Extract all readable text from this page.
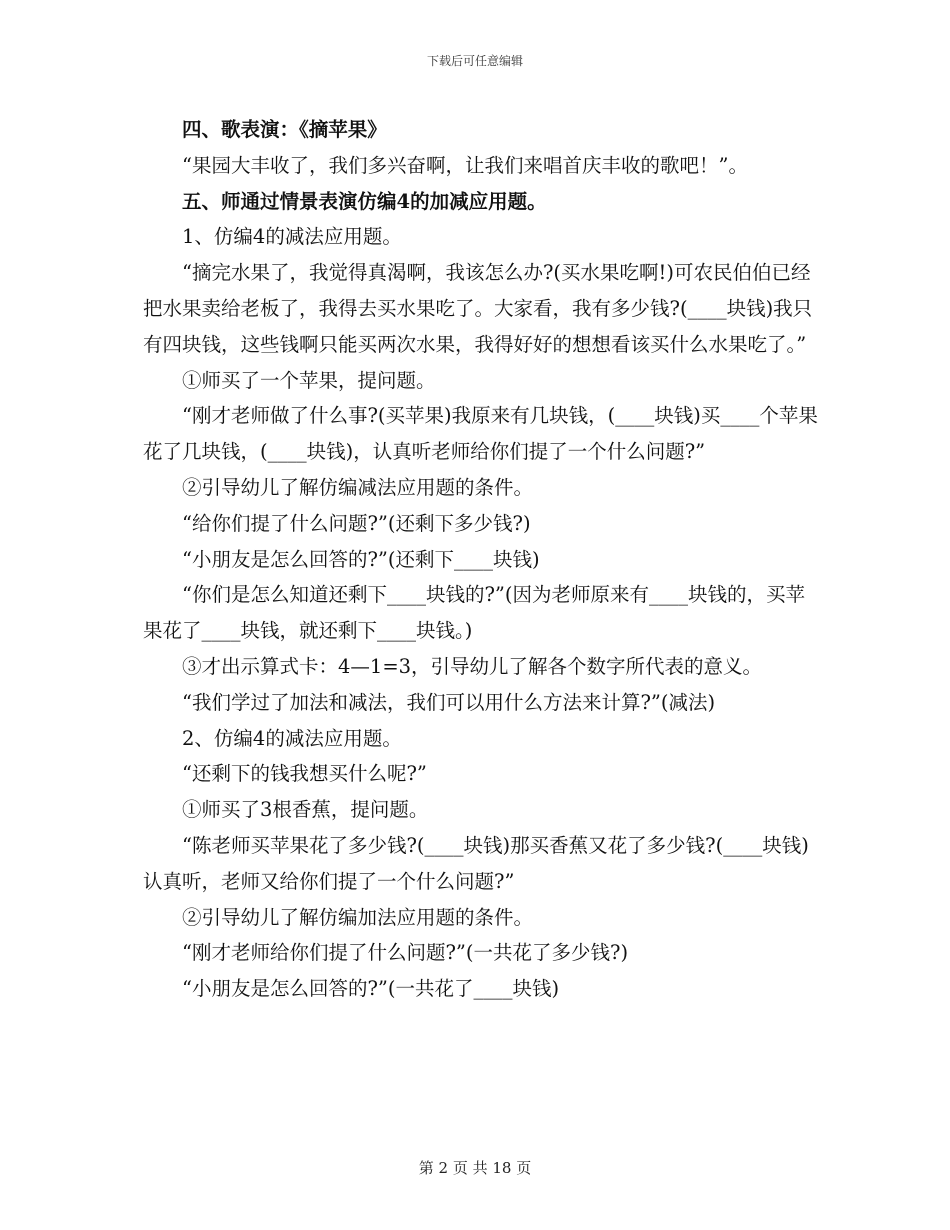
下载后可任意编辑

四、歌表演：《摘苹果》

“果园大丰收了，我们多兴奋啊，让我们来唱首庆丰收的歌吧！”。

五、师通过情景表演仿编4的加减应用题。

1、仿编4的减法应用题。

“摘完水果了，我觉得真渴啊，我该怎么办?(买水果吃啊!)可农民伯伯已经把水果卖给老板了，我得去买水果吃了。大家看，我有多少钱?(____块钱)我只有四块钱，这些钱啊只能买两次水果，我得好好的想想看该买什么水果吃了。”

①师买了一个苹果，提问题。

“刚才老师做了什么事?(买苹果)我原来有几块钱，(____块钱)买____个苹果花了几块钱，(____块钱)，认真听老师给你们提了一个什么问题?”

②引导幼儿了解仿编减法应用题的条件。

“给你们提了什么问题?”(还剩下多少钱?)

“小朋友是怎么回答的?”(还剩下____块钱)

“你们是怎么知道还剩下____块钱的?”(因为老师原来有____块钱的，买苹果花了____块钱，就还剩下____块钱。)

③才出示算式卡：4—1=3，引导幼儿了解各个数字所代表的意义。

“我们学过了加法和减法，我们可以用什么方法来计算?”(减法)

2、仿编4的减法应用题。

“还剩下的钱我想买什么呢?”

①师买了3根香蕉，提问题。

“陈老师买苹果花了多少钱?(____块钱)那买香蕉又花了多少钱?(____块钱)认真听，老师又给你们提了一个什么问题?”

②引导幼儿了解仿编加法应用题的条件。

“刚才老师给你们提了什么问题?”(一共花了多少钱?)

“小朋友是怎么回答的?”(一共花了____块钱)

第 2 页 共 18 页
